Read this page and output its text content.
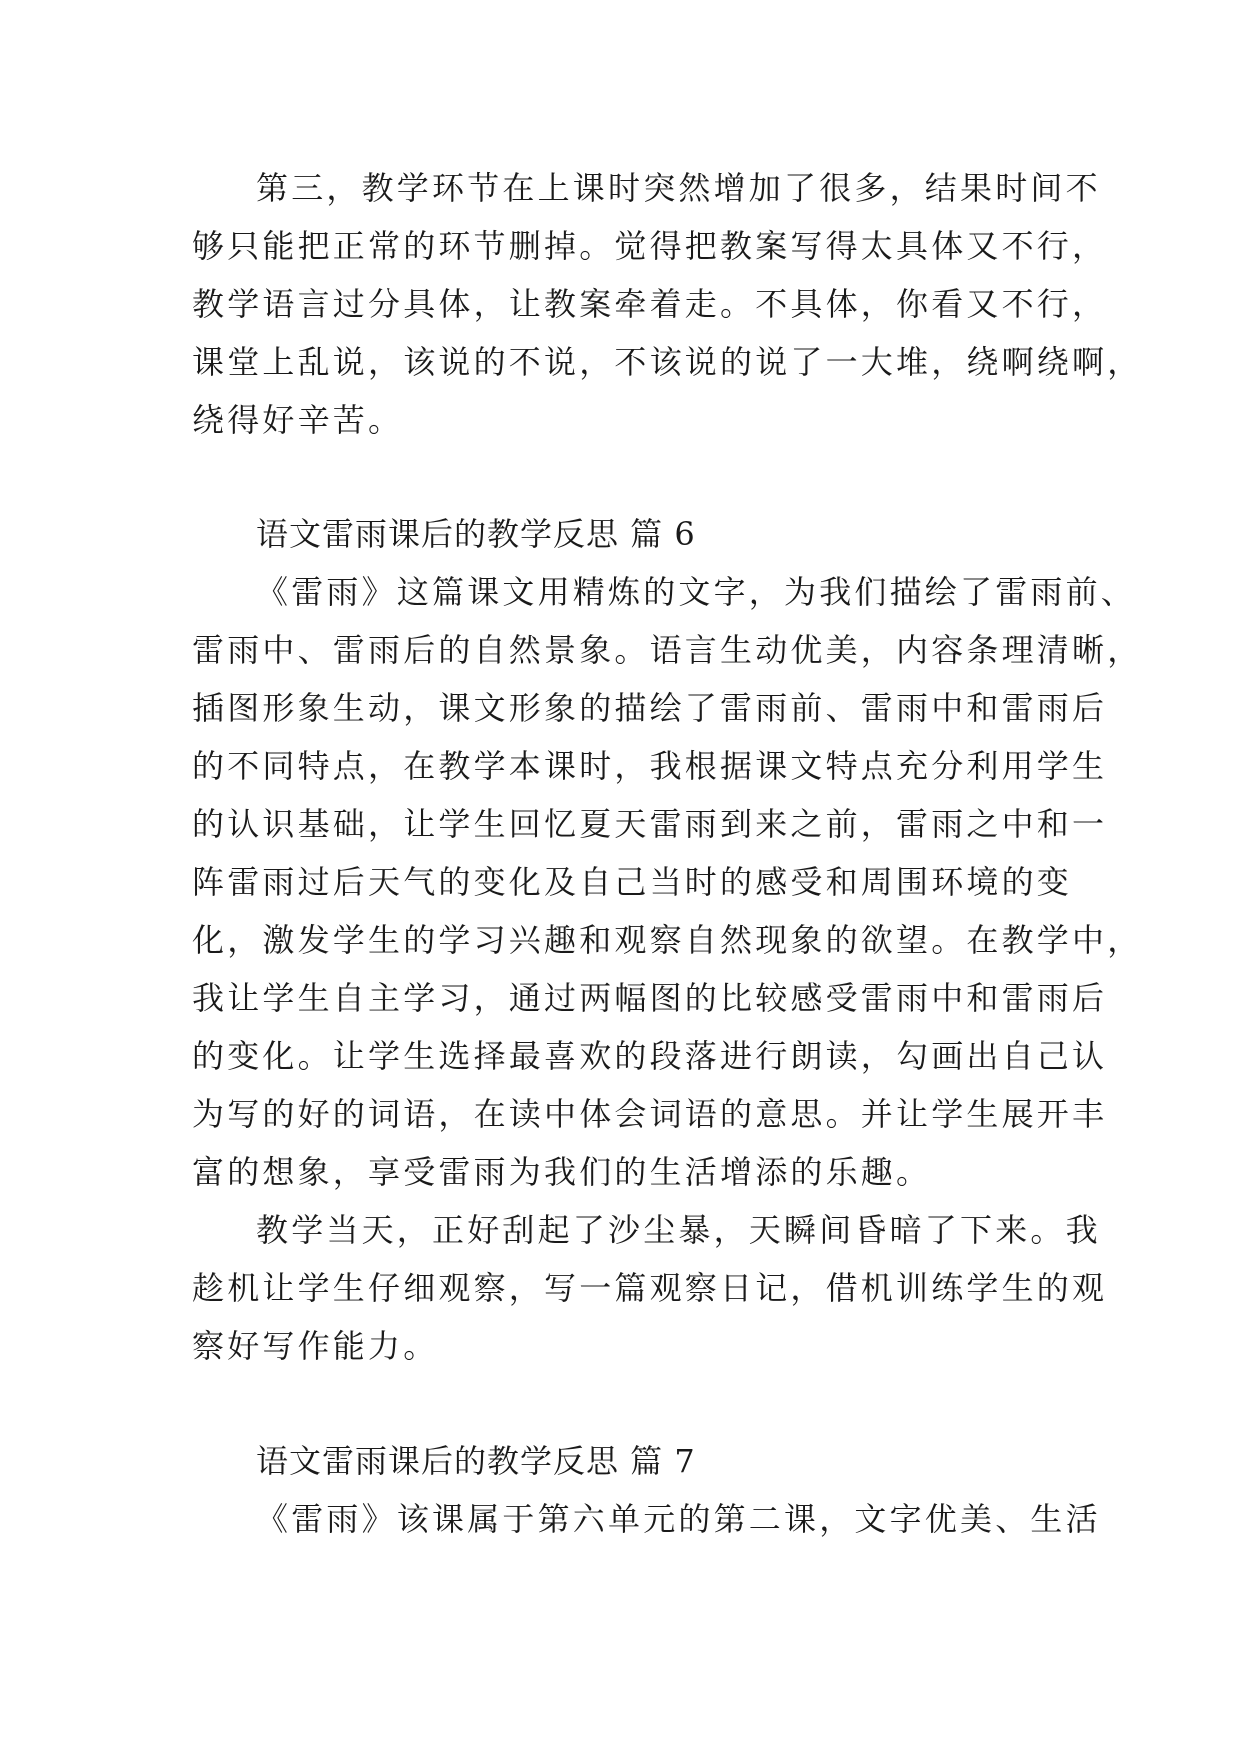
第三，教学环节在上课时突然增加了很多，结果时间不
够只能把正常的环节删掉。觉得把教案写得太具体又不行，
教学语言过分具体，让教案牵着走。不具体，你看又不行，
课堂上乱说，该说的不说，不该说的说了一大堆，绕啊绕啊，
绕得好辛苦。
语文雷雨课后的教学反思 篇 6
《雷雨》这篇课文用精炼的文字，为我们描绘了雷雨前、
雷雨中、雷雨后的自然景象。语言生动优美，内容条理清晰，
插图形象生动，课文形象的描绘了雷雨前、雷雨中和雷雨后
的不同特点，在教学本课时，我根据课文特点充分利用学生
的认识基础，让学生回忆夏天雷雨到来之前，雷雨之中和一
阵雷雨过后天气的变化及自己当时的感受和周围环境的变
化，激发学生的学习兴趣和观察自然现象的欲望。在教学中，
我让学生自主学习，通过两幅图的比较感受雷雨中和雷雨后
的变化。让学生选择最喜欢的段落进行朗读，勾画出自己认
为写的好的词语，在读中体会词语的意思。并让学生展开丰
富的想象，享受雷雨为我们的生活增添的乐趣。
教学当天，正好刮起了沙尘暴，天瞬间昏暗了下来。我
趁机让学生仔细观察，写一篇观察日记，借机训练学生的观
察好写作能力。
语文雷雨课后的教学反思 篇 7
《雷雨》该课属于第六单元的第二课，文字优美、生活
